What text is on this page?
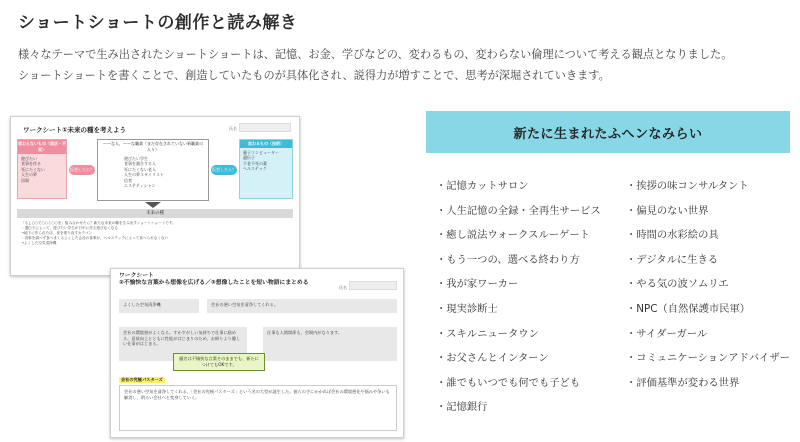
ショートショートの創作と読み解き
様々なテーマで生み出されたショートショートは、記憶、お金、学びなどの、変わるもの、変わらない倫理について考える観点となりました。
ショートショートを書くことで、創造していたものが具体化され、説得力が増すことで、思考が深堀されていきます。
ワークシート①未来の種を考えよう	氏名
変わらないもの（現状・不変）
遊びたい
食事を作る
死にたくない
人生の夢
居場
仮想したら？
〜〜な人、〜〜な職業（まだ存在されていない新職業の人々）
遊びたい学生
食事を調合する人
死にたくない老人
人生の夢スタイリスト
信者
エステティシャン
仮想したら？
変わるもの（技術）
量子コンピューター
遺伝子
不老不死の薬
ヘルステック
未来の種
「もし○○で○○と○○を」組み合わせたら？新たな未来の種を生み出すショートショートです。
・遺伝子によって、遊びたい学生が日中に作る遊びなくなる
→地下に作られた店、食を乗り直すカテゴン
・食事を調べず食べまくるよくした会社の食事が、ヘルステックによって食べられなくない
→よくした空気清浄機
ワークシート
②不愉快な言葉から想像を広げる／③想像したことを短い物語にまとめる
氏名
よくした空気清浄機	会社の悪い空気を清浄してくれる。
会社の環境悪がよくなる。すかすがしい気持ちで仕事に励める。意欲向上とともに性能がはじまりのため、お帰りより優しい仕事がはじまる。
仕事も人関関係も、会場内がなります。
題名は不愉快な言葉そのままでも、新たにつけてもOKです。
会社の究極パスターズ
会社の悪い空気を清浄してくれる、「会社の究極パスターズ」という名の大型が誕生した。彼らの手にかかれば会社の環境悪化や悩みや争いも解消し、明るい会社へと変身していく。
新たに生まれたふへンなみらい
・記憶カットサロン
・人生記憶の全録・全再生サービス
・癒し説法ウォークスルーゲート
・もう一つの、選べる終わり方
・我が家ワーカー
・現実診断士
・スキルニュータウン
・お父さんとインターン
・誰でもいつでも何でも子ども
・記憶銀行
・挨拶の味コンサルタント
・偏見のない世界
・時間の水彩絵の具
・デジタルに生きる
・やる気の波ソムリエ
・NPC（自然保護市民軍）
・サイダーガール
・コミュニケーションアドバイザー
・評価基準が変わる世界
